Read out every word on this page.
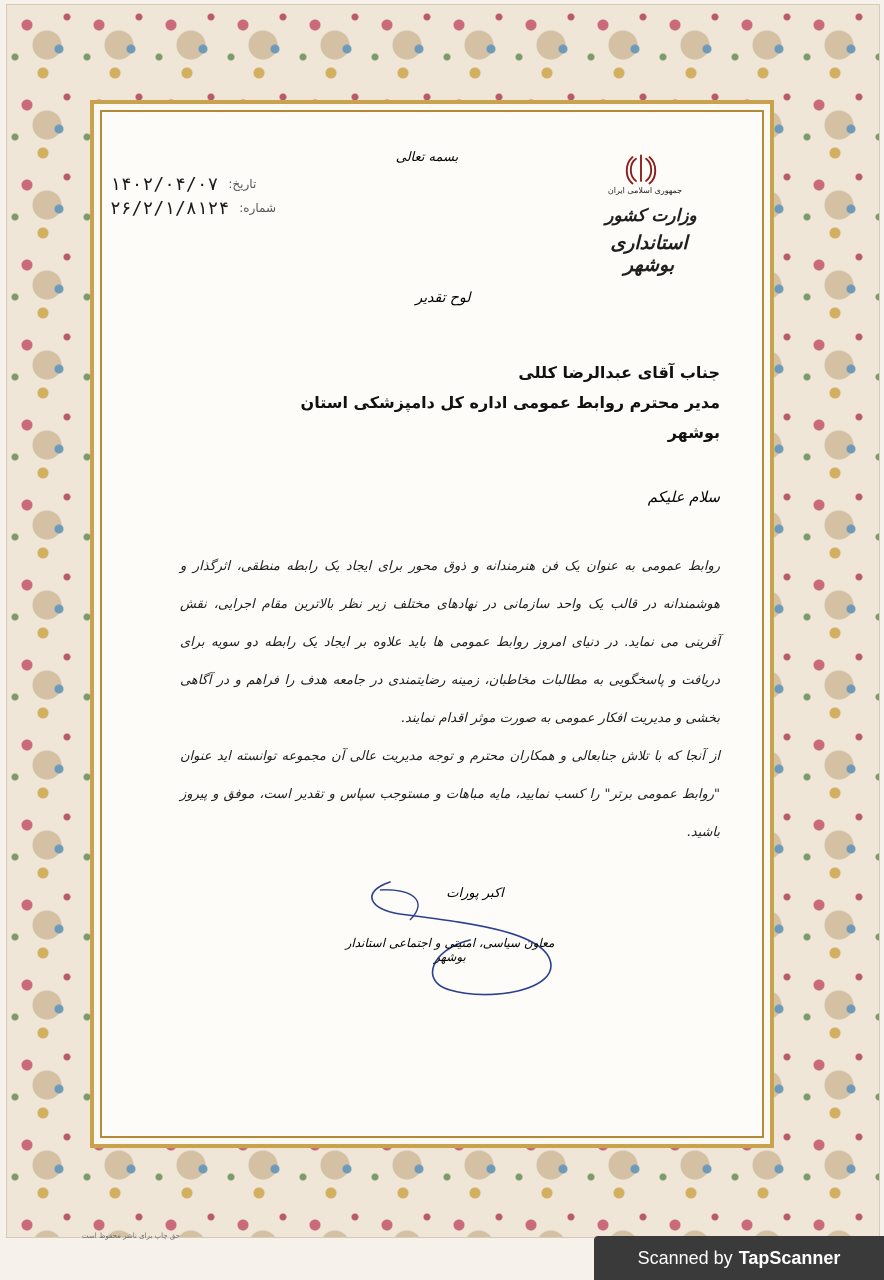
جمهوری اسلامی ایران
وزارت کشور
استانداری بوشهر
بسمه تعالی
۱۴۰۲/۰۴/۰۷ تاریخ:
۲۶/۲/۱/۸۱۲۴ شماره:
لوح تقدیر
جناب آقای عبدالرضا کللی
مدیر محترم روابط عمومی اداره کل دامپزشکی استان بوشهر
سلام علیکم

روابط عمومی به عنوان یک فن هنرمندانه و ذوق محور برای ایجاد یک رابطه منطقی، اثرگذار و هوشمندانه در قالب یک واحد سازمانی در نهادهای مختلف زیر نظر بالاترین مقام اجرایی، نقش آفرینی می نماید. در دنیای امروز روابط عمومی ها باید علاوه بر ایجاد یک رابطه دو سویه برای دریافت و پاسخگویی به مطالبات مخاطبان، زمینه رضایتمندی در جامعه هدف را فراهم و در آگاهی بخشی و مدیریت افکار عمومی به صورت موثر اقدام نمایند.

از آنجا که با تلاش جنابعالی و همکاران محترم و توجه مدیریت عالی آن مجموعه توانسته اید عنوان "روابط عمومی برتر" را کسب نمایید، مایه مباهات و مستوجب سپاس و تقدیر است، موفق و پیروز باشید.

اکبر پورات
معاون سیاسی، امنیتی و اجتماعی استاندار بوشهر
حق چاپ برای ناشر محفوظ است
Scanned by TapScanner
